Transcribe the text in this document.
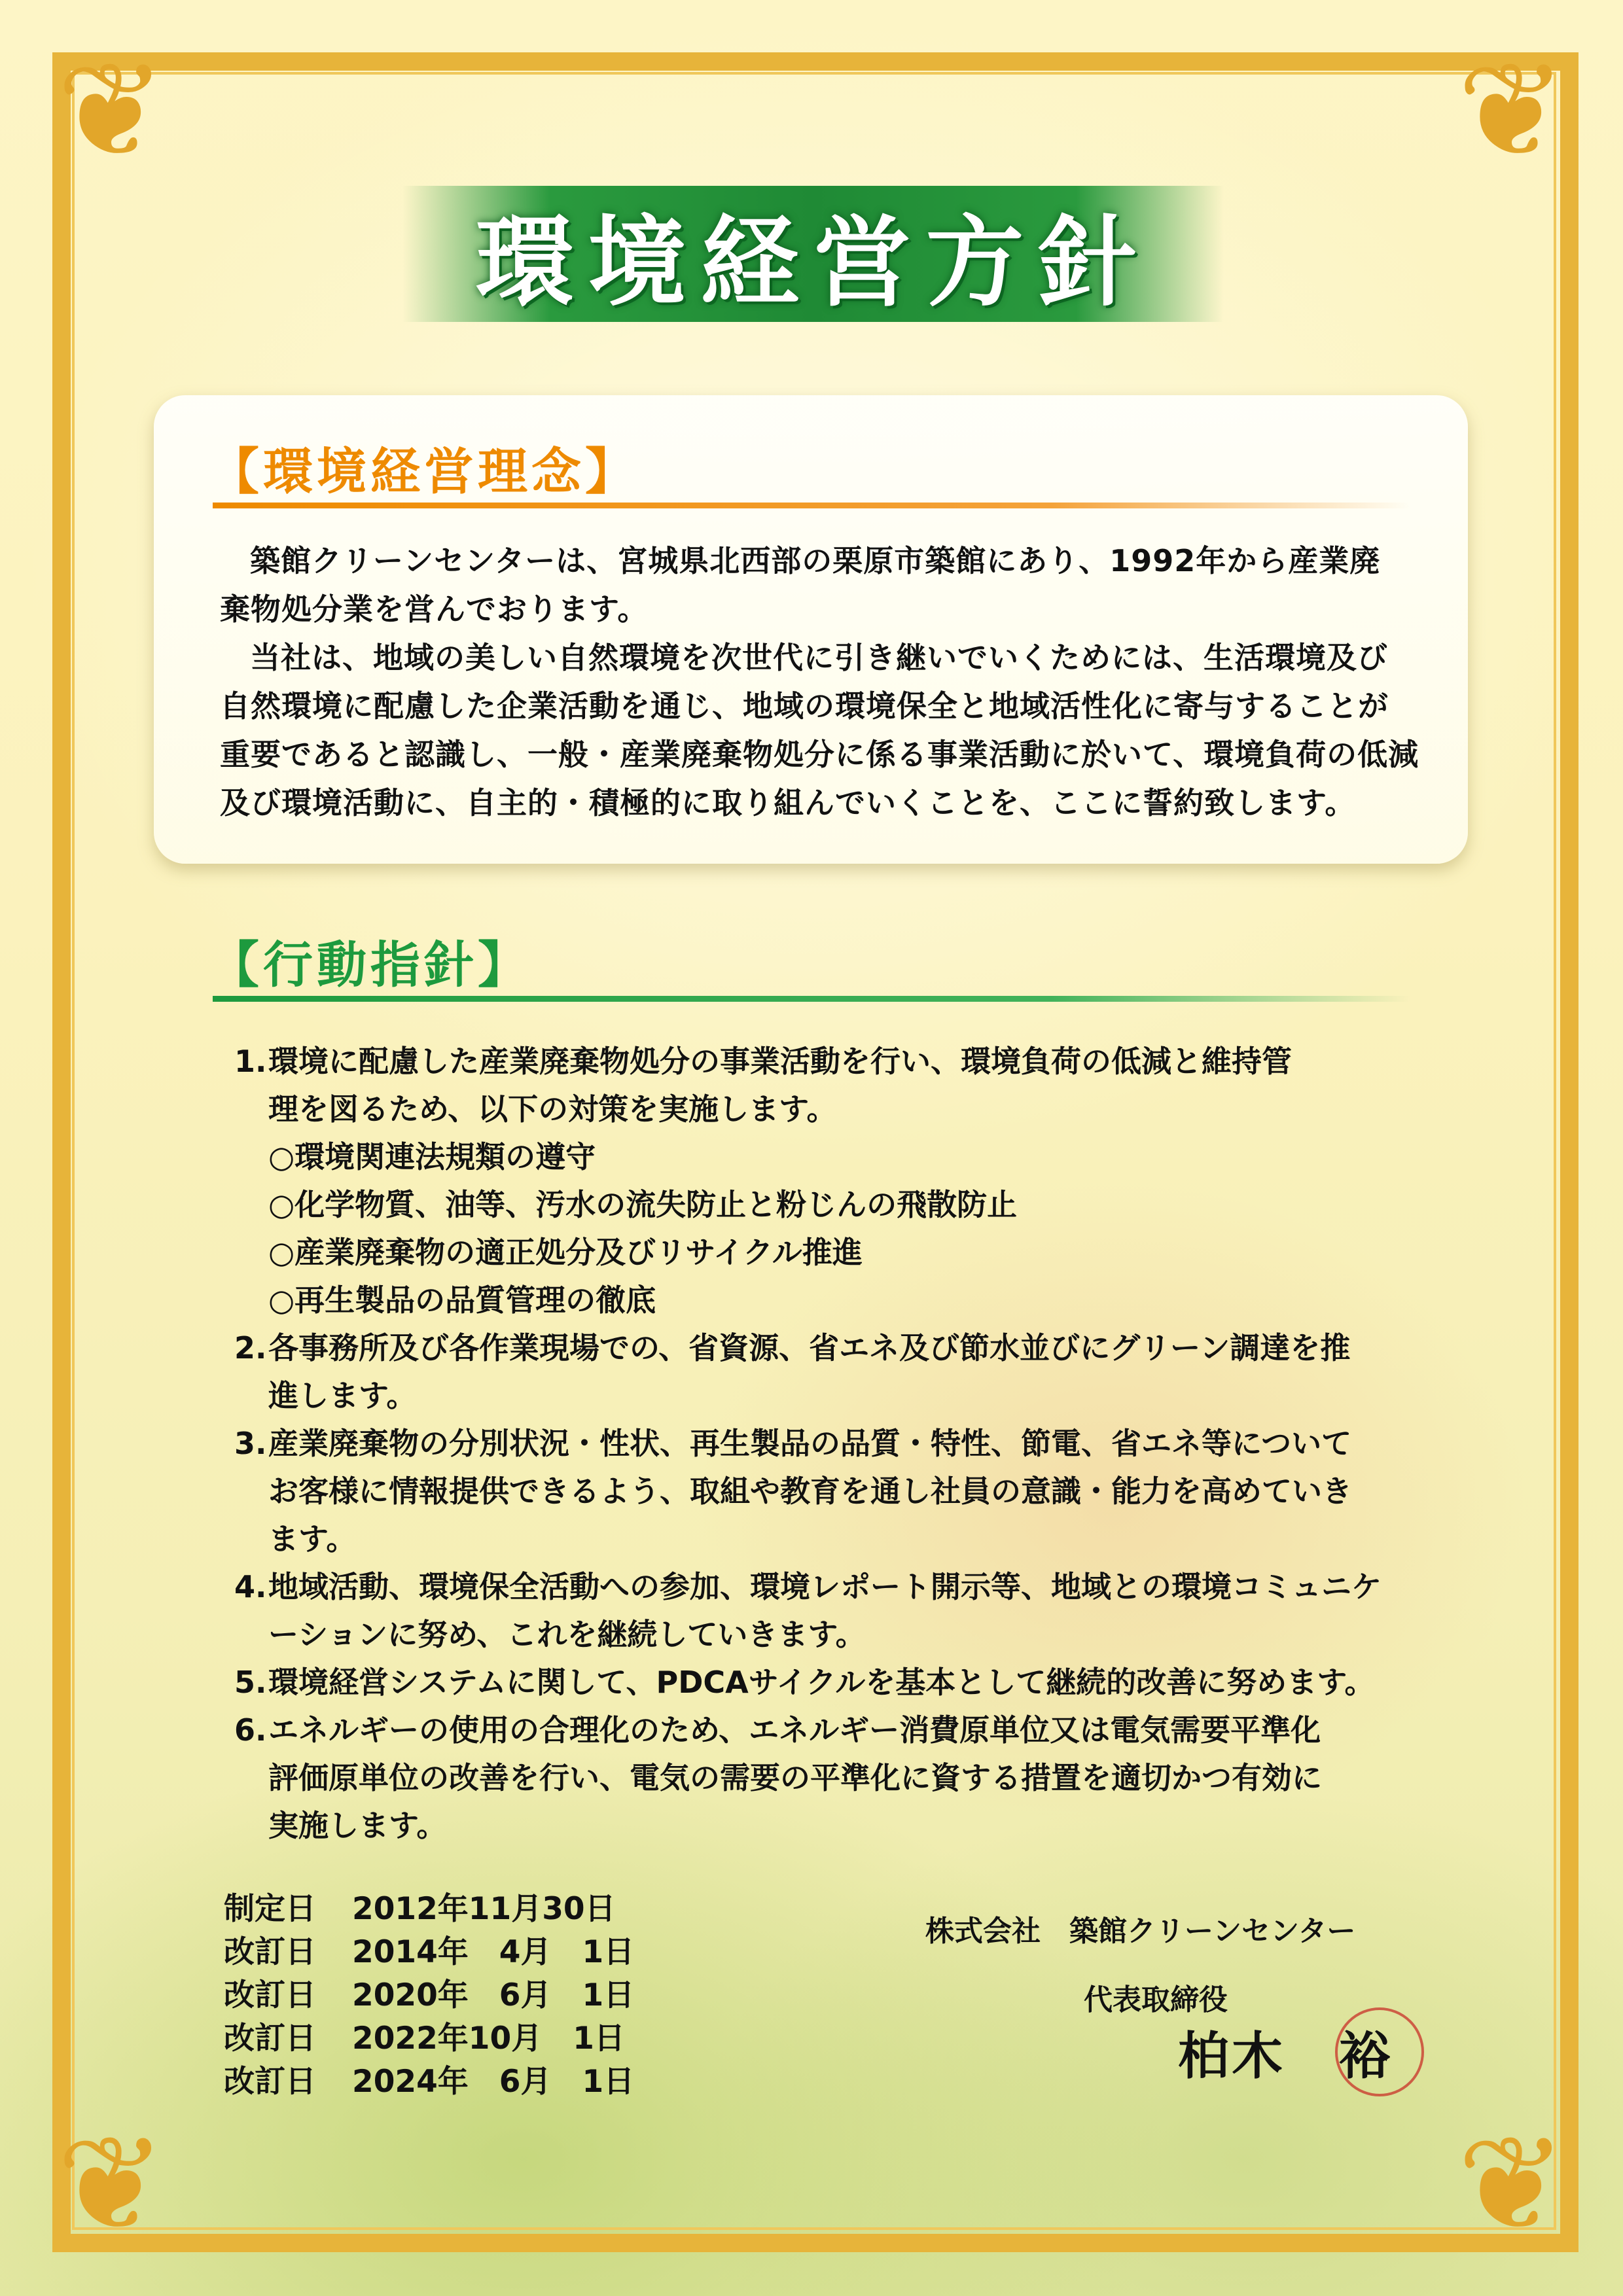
❦	❦
❦	❦
環境経営方針
【環境経営理念】
築館クリーンセンターは、宮城県北西部の栗原市築館にあり、1992年から産業廃
棄物処分業を営んでおります。
当社は、地域の美しい自然環境を次世代に引き継いでいくためには、生活環境及び
自然環境に配慮した企業活動を通じ、地域の環境保全と地域活性化に寄与することが
重要であると認識し、一般・産業廃棄物処分に係る事業活動に於いて、環境負荷の低減
及び環境活動に、自主的・積極的に取り組んでいくことを、ここに誓約致します。
【行動指針】
1. 環境に配慮した産業廃棄物処分の事業活動を行い、環境負荷の低減と維持管
理を図るため、以下の対策を実施します。
○環境関連法規類の遵守
○化学物質、油等、汚水の流失防止と粉じんの飛散防止
○産業廃棄物の適正処分及びリサイクル推進
○再生製品の品質管理の徹底
2. 各事務所及び各作業現場での、省資源、省エネ及び節水並びにグリーン調達を推
進します。
3. 産業廃棄物の分別状況・性状、再生製品の品質・特性、節電、省エネ等について
お客様に情報提供できるよう、取組や教育を通し社員の意識・能力を高めていき
ます。
4. 地域活動、環境保全活動への参加、環境レポート開示等、地域との環境コミュニケ
ーションに努め、これを継続していきます。
5. 環境経営システムに関して、PDCAサイクルを基本として継続的改善に努めます。
6. エネルギーの使用の合理化のため、エネルギー消費原単位又は電気需要平準化
評価原単位の改善を行い、電気の需要の平準化に資する措置を適切かつ有効に
実施します。
制定日	2012年11月30日
改訂日	2014年　4月　1日
改訂日	2020年　6月　1日
改訂日	2022年10月　1日
改訂日	2024年　6月　1日
株式会社　築館クリーンセンター
代表取締役
柏木　裕
